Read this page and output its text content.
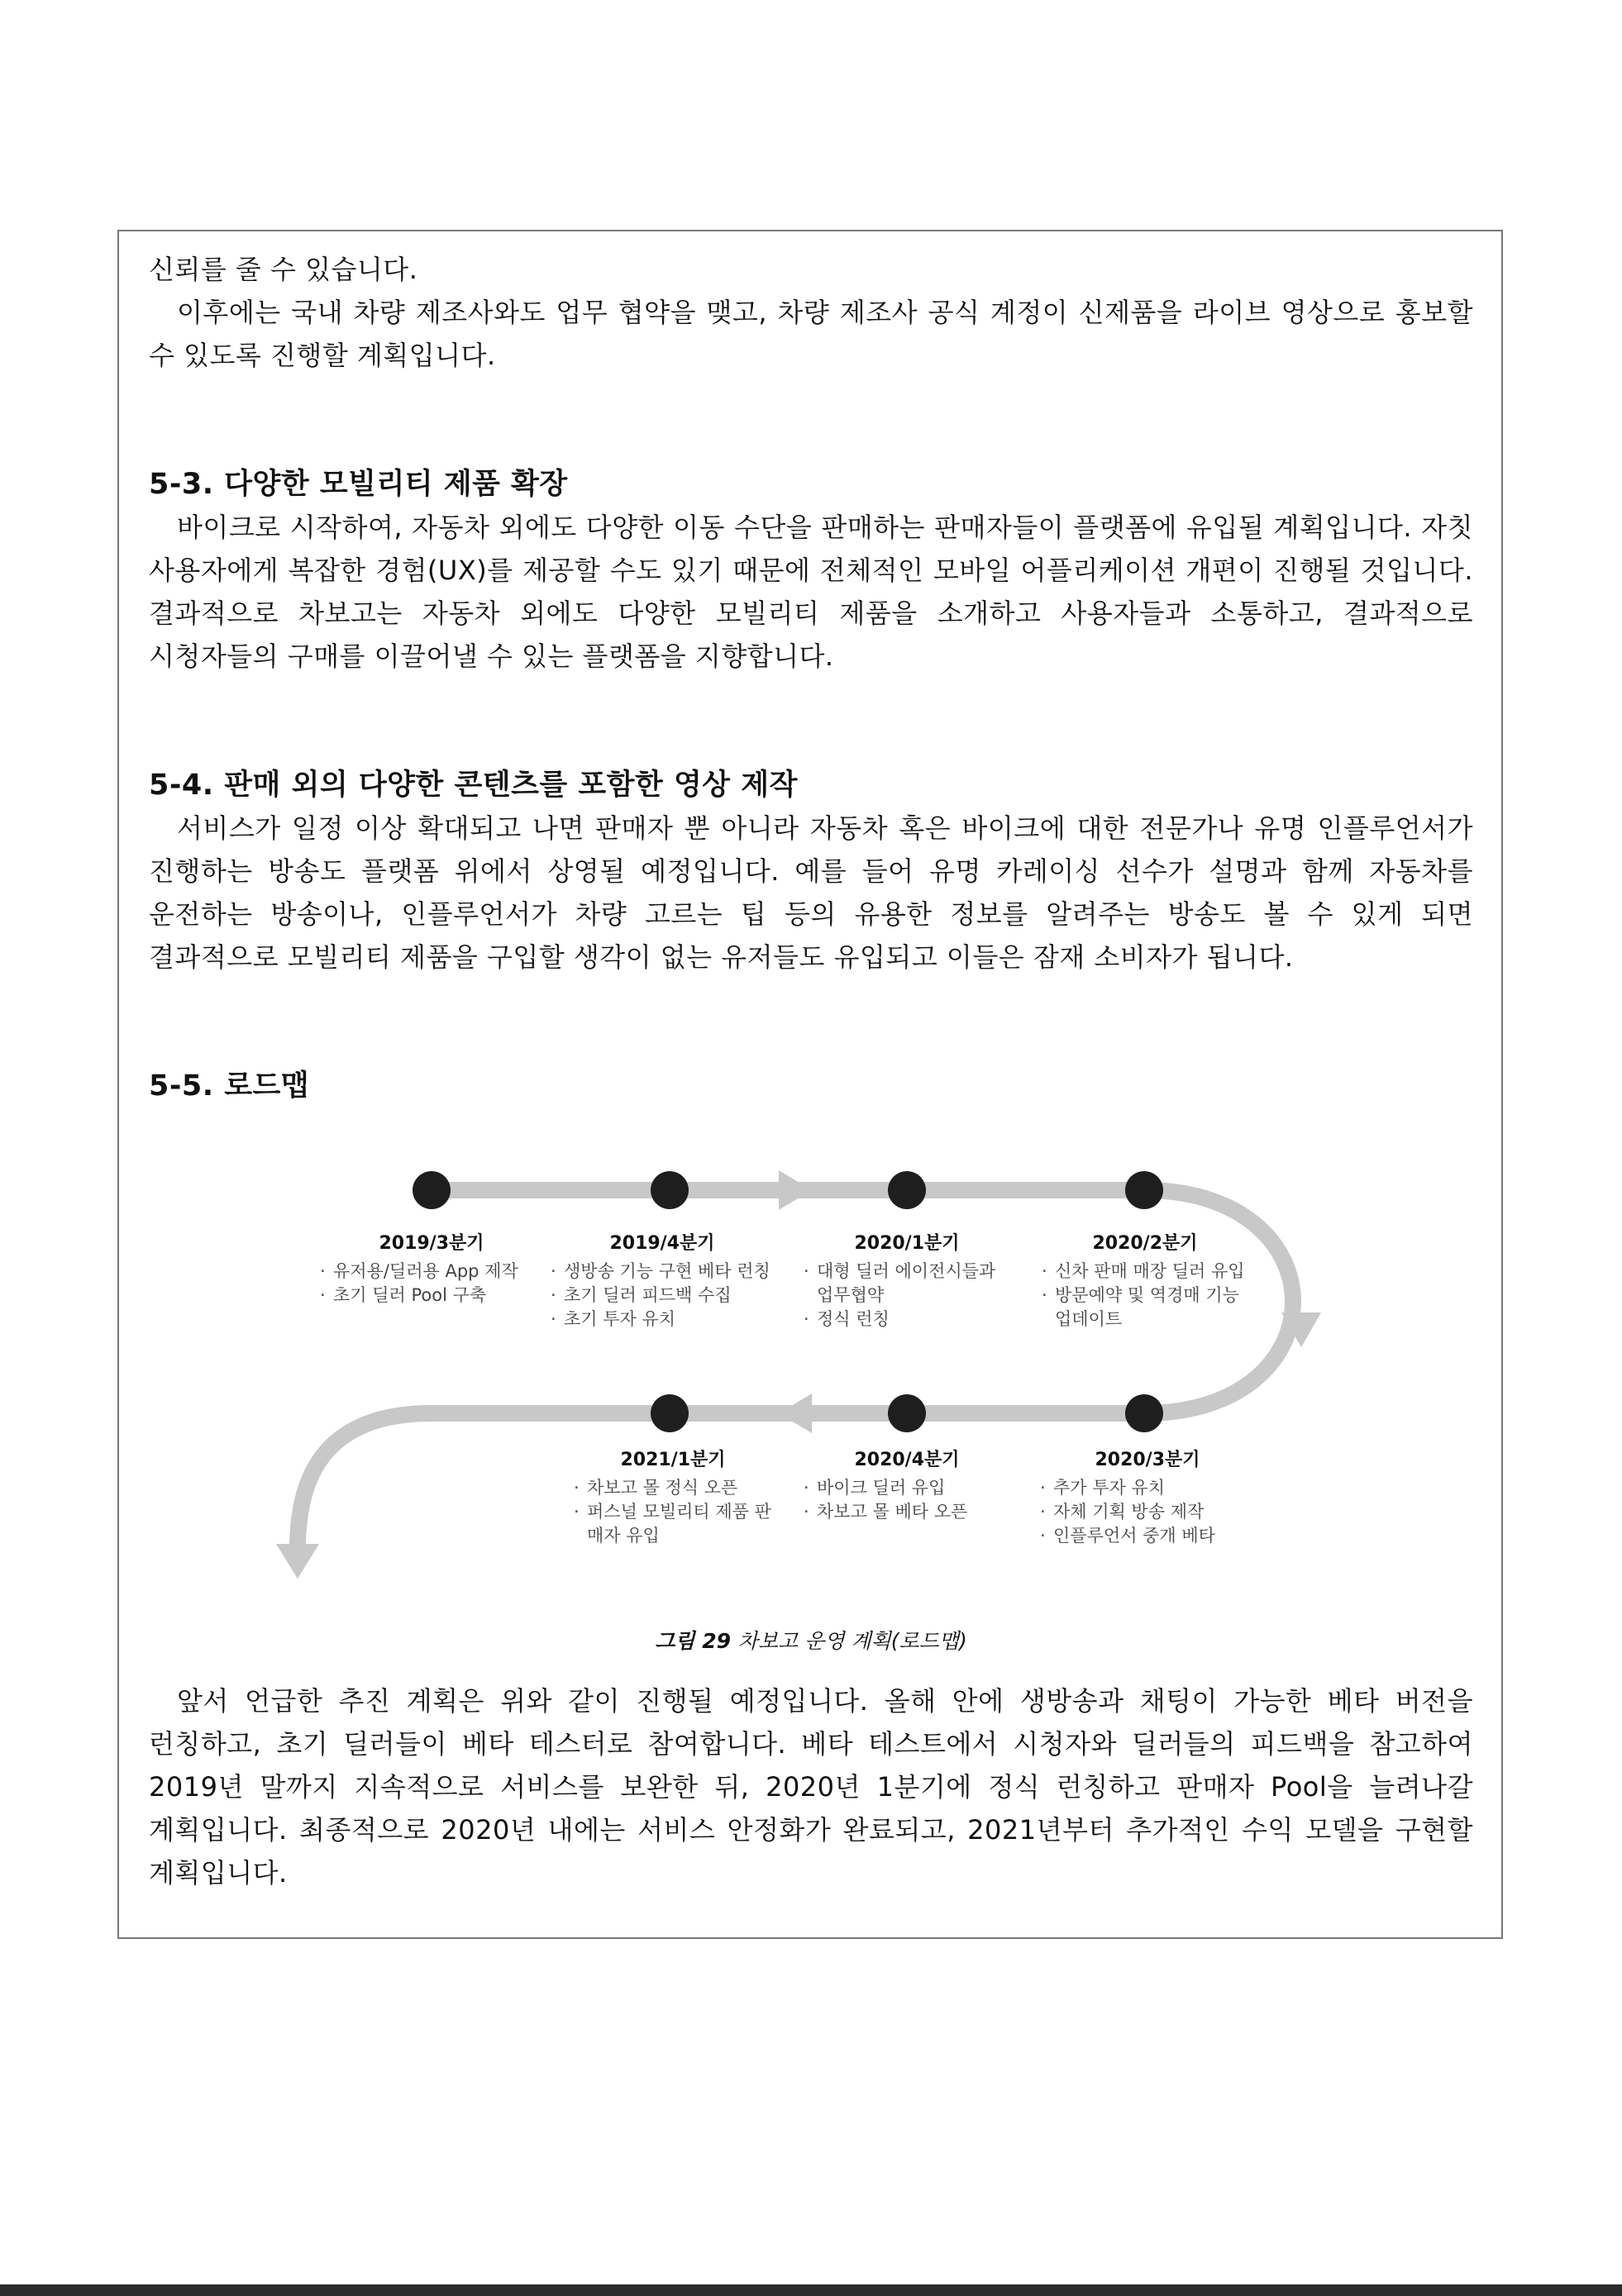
신뢰를 줄 수 있습니다.

이후에는 국내 차량 제조사와도 업무 협약을 맺고, 차량 제조사 공식 계정이 신제품을 라이브 영상으로 홍보할 수 있도록 진행할 계획입니다.

5-3. 다양한 모빌리티 제품 확장

바이크로 시작하여, 자동차 외에도 다양한 이동 수단을 판매하는 판매자들이 플랫폼에 유입될 계획입니다. 자칫 사용자에게 복잡한 경험(UX)를 제공할 수도 있기 때문에 전체적인 모바일 어플리케이션 개편이 진행될 것입니다. 결과적으로 차보고는 자동차 외에도 다양한 모빌리티 제품을 소개하고 사용자들과 소통하고, 결과적으로 시청자들의 구매를 이끌어낼 수 있는 플랫폼을 지향합니다.

5-4. 판매 외의 다양한 콘텐츠를 포함한 영상 제작

서비스가 일정 이상 확대되고 나면 판매자 뿐 아니라 자동차 혹은 바이크에 대한 전문가나 유명 인플루언서가 진행하는 방송도 플랫폼 위에서 상영될 예정입니다. 예를 들어 유명 카레이싱 선수가 설명과 함께 자동차를 운전하는 방송이나, 인플루언서가 차량 고르는 팁 등의 유용한 정보를 알려주는 방송도 볼 수 있게 되면 결과적으로 모빌리티 제품을 구입할 생각이 없는 유저들도 유입되고 이들은 잠재 소비자가 됩니다.

5-5. 로드맵
2019/3분기
· 유저용/딜러용 App 제작
· 초기 딜러 Pool 구축
2019/4분기
· 생방송 기능 구현 베타 런칭
· 초기 딜러 피드백 수집
· 초기 투자 유치
2020/1분기
· 대형 딜러 에이전시들과 업무협약
· 정식 런칭
2020/2분기
· 신차 판매 매장 딜러 유입
· 방문예약 및 역경매 기능 업데이트
2020/3분기
· 추가 투자 유치
· 자체 기획 방송 제작
· 인플루언서 중개 베타
2020/4분기
· 바이크 딜러 유입
· 차보고 몰 베타 오픈
2021/1분기
· 차보고 몰 정식 오픈
· 퍼스널 모빌리티 제품 판매자 유입

그림 29 차보고 운영 계획(로드맵)

앞서 언급한 추진 계획은 위와 같이 진행될 예정입니다. 올해 안에 생방송과 채팅이 가능한 베타 버전을 런칭하고, 초기 딜러들이 베타 테스터로 참여합니다. 베타 테스트에서 시청자와 딜러들의 피드백을 참고하여 2019년 말까지 지속적으로 서비스를 보완한 뒤, 2020년 1분기에 정식 런칭하고 판매자 Pool을 늘려나갈 계획입니다. 최종적으로 2020년 내에는 서비스 안정화가 완료되고, 2021년부터 추가적인 수익 모델을 구현할 계획입니다.
